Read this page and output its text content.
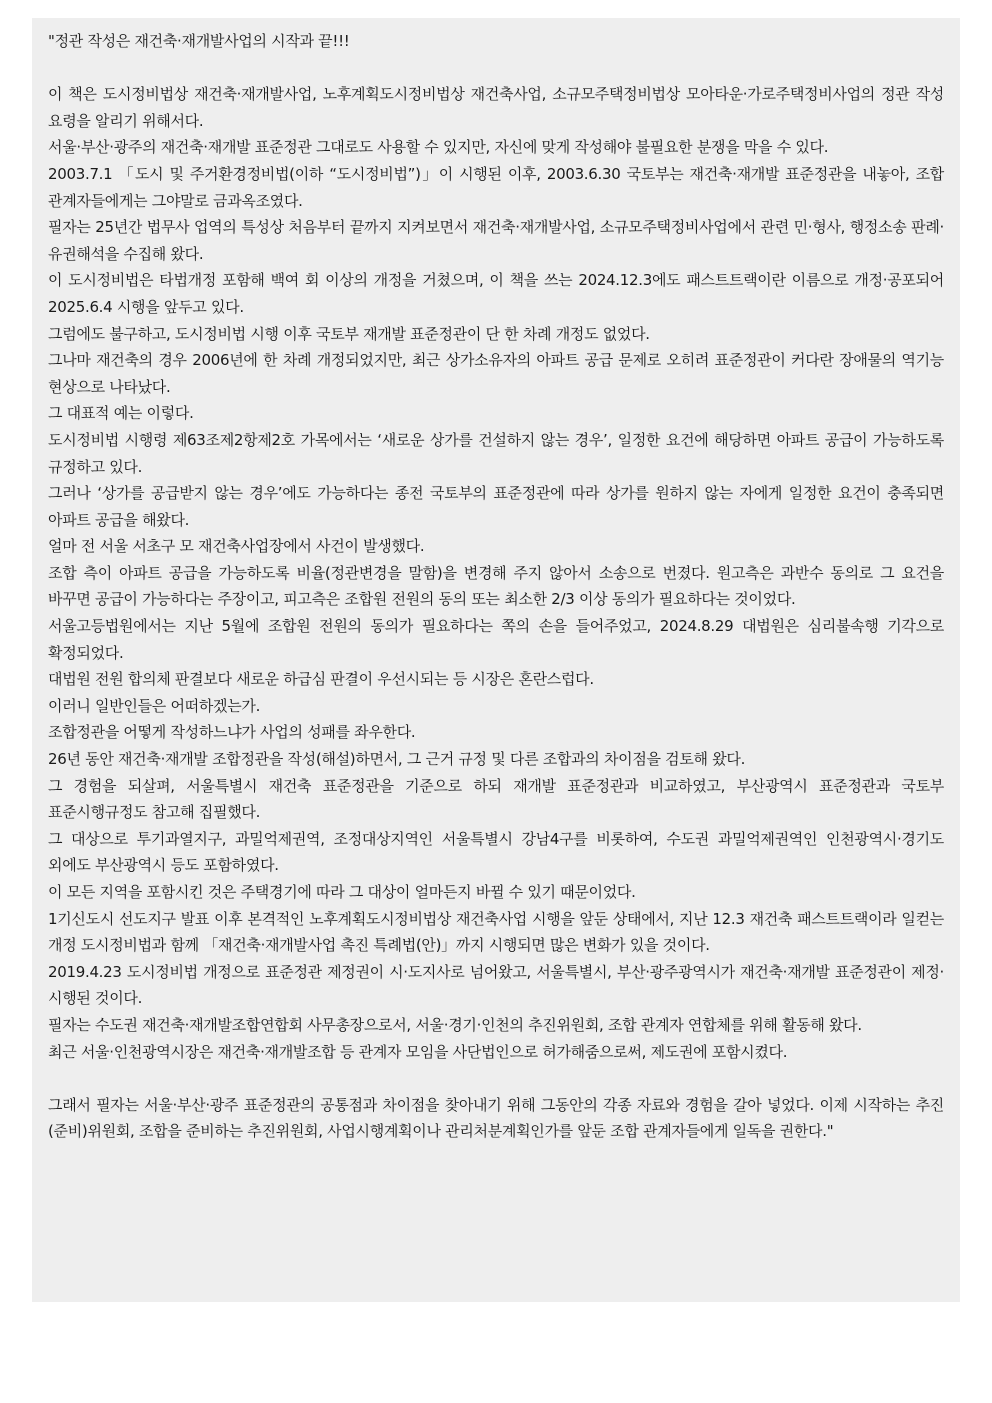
"정관 작성은 재건축·재개발사업의 시작과 끝!!!

이 책은 도시정비법상 재건축·재개발사업, 노후계획도시정비법상 재건축사업, 소규모주택정비법상 모아타운·가로주택정비사업의 정관 작성 요령을 알리기 위해서다.

서울·부산·광주의 재건축·재개발 표준정관 그대로도 사용할 수 있지만, 자신에 맞게 작성해야 불필요한 분쟁을 막을 수 있다.

2003.7.1 「도시 및 주거환경정비법(이하 “도시정비법”)」이 시행된 이후, 2003.6.30 국토부는 재건축·재개발 표준정관을 내놓아, 조합 관계자들에게는 그야말로 금과옥조였다.

필자는 25년간 법무사 업역의 특성상 처음부터 끝까지 지켜보면서 재건축·재개발사업, 소규모주택정비사업에서 관련 민·형사, 행정소송 판례·유권해석을 수집해 왔다.

이 도시정비법은 타법개정 포함해 백여 회 이상의 개정을 거쳤으며, 이 책을 쓰는 2024.12.3에도 패스트트랙이란 이름으로 개정·공포되어 2025.6.4 시행을 앞두고 있다.

그럼에도 불구하고, 도시정비법 시행 이후 국토부 재개발 표준정관이 단 한 차례 개정도 없었다.

그나마 재건축의 경우 2006년에 한 차례 개정되었지만, 최근 상가소유자의 아파트 공급 문제로 오히려 표준정관이 커다란 장애물의 역기능 현상으로 나타났다.

그 대표적 예는 이렇다.

도시정비법 시행령 제63조제2항제2호 가목에서는 ‘새로운 상가를 건설하지 않는 경우’, 일정한 요건에 해당하면 아파트 공급이 가능하도록 규정하고 있다.

그러나 ‘상가를 공급받지 않는 경우’에도 가능하다는 종전 국토부의 표준정관에 따라 상가를 원하지 않는 자에게 일정한 요건이 충족되면 아파트 공급을 해왔다.

얼마 전 서울 서초구 모 재건축사업장에서 사건이 발생했다.

조합 측이 아파트 공급을 가능하도록 비율(정관변경을 말함)을 변경해 주지 않아서 소송으로 번졌다. 원고측은 과반수 동의로 그 요건을 바꾸면 공급이 가능하다는 주장이고, 피고측은 조합원 전원의 동의 또는 최소한 2/3 이상 동의가 필요하다는 것이었다.

서울고등법원에서는 지난 5월에 조합원 전원의 동의가 필요하다는 쪽의 손을 들어주었고, 2024.8.29 대법원은 심리불속행 기각으로 확정되었다.

대법원 전원 합의체 판결보다 새로운 하급심 판결이 우선시되는 등 시장은 혼란스럽다.

이러니 일반인들은 어떠하겠는가.

조합정관을 어떻게 작성하느냐가 사업의 성패를 좌우한다.

26년 동안 재건축·재개발 조합정관을 작성(해설)하면서, 그 근거 규정 및 다른 조합과의 차이점을 검토해 왔다.

그 경험을 되살펴, 서울특별시 재건축 표준정관을 기준으로 하되 재개발 표준정관과 비교하였고, 부산광역시 표준정관과 국토부 표준시행규정도 참고해 집필했다.

그 대상으로 투기과열지구, 과밀억제권역, 조정대상지역인 서울특별시 강남4구를 비롯하여, 수도권 과밀억제권역인 인천광역시·경기도 외에도 부산광역시 등도 포함하였다.

이 모든 지역을 포함시킨 것은 주택경기에 따라 그 대상이 얼마든지 바뀔 수 있기 때문이었다.

1기신도시 선도지구 발표 이후 본격적인 노후계획도시정비법상 재건축사업 시행을 앞둔 상태에서, 지난 12.3 재건축 패스트트랙이라 일컫는 개정 도시정비법과 함께 「재건축·재개발사업 촉진 특례법(안)」까지 시행되면 많은 변화가 있을 것이다.

2019.4.23 도시정비법 개정으로 표준정관 제정권이 시·도지사로 넘어왔고, 서울특별시, 부산·광주광역시가 재건축·재개발 표준정관이 제정·시행된 것이다.

필자는 수도권 재건축·재개발조합연합회 사무총장으로서, 서울·경기·인천의 추진위원회, 조합 관계자 연합체를 위해 활동해 왔다.

최근 서울·인천광역시장은 재건축·재개발조합 등 관계자 모임을 사단법인으로 허가해줌으로써, 제도권에 포함시켰다.

그래서 필자는 서울·부산·광주 표준정관의 공통점과 차이점을 찾아내기 위해 그동안의 각종 자료와 경험을 갈아 넣었다. 이제 시작하는 추진(준비)위원회, 조합을 준비하는 추진위원회, 사업시행계획이나 관리처분계획인가를 앞둔 조합 관계자들에게 일독을 권한다."
